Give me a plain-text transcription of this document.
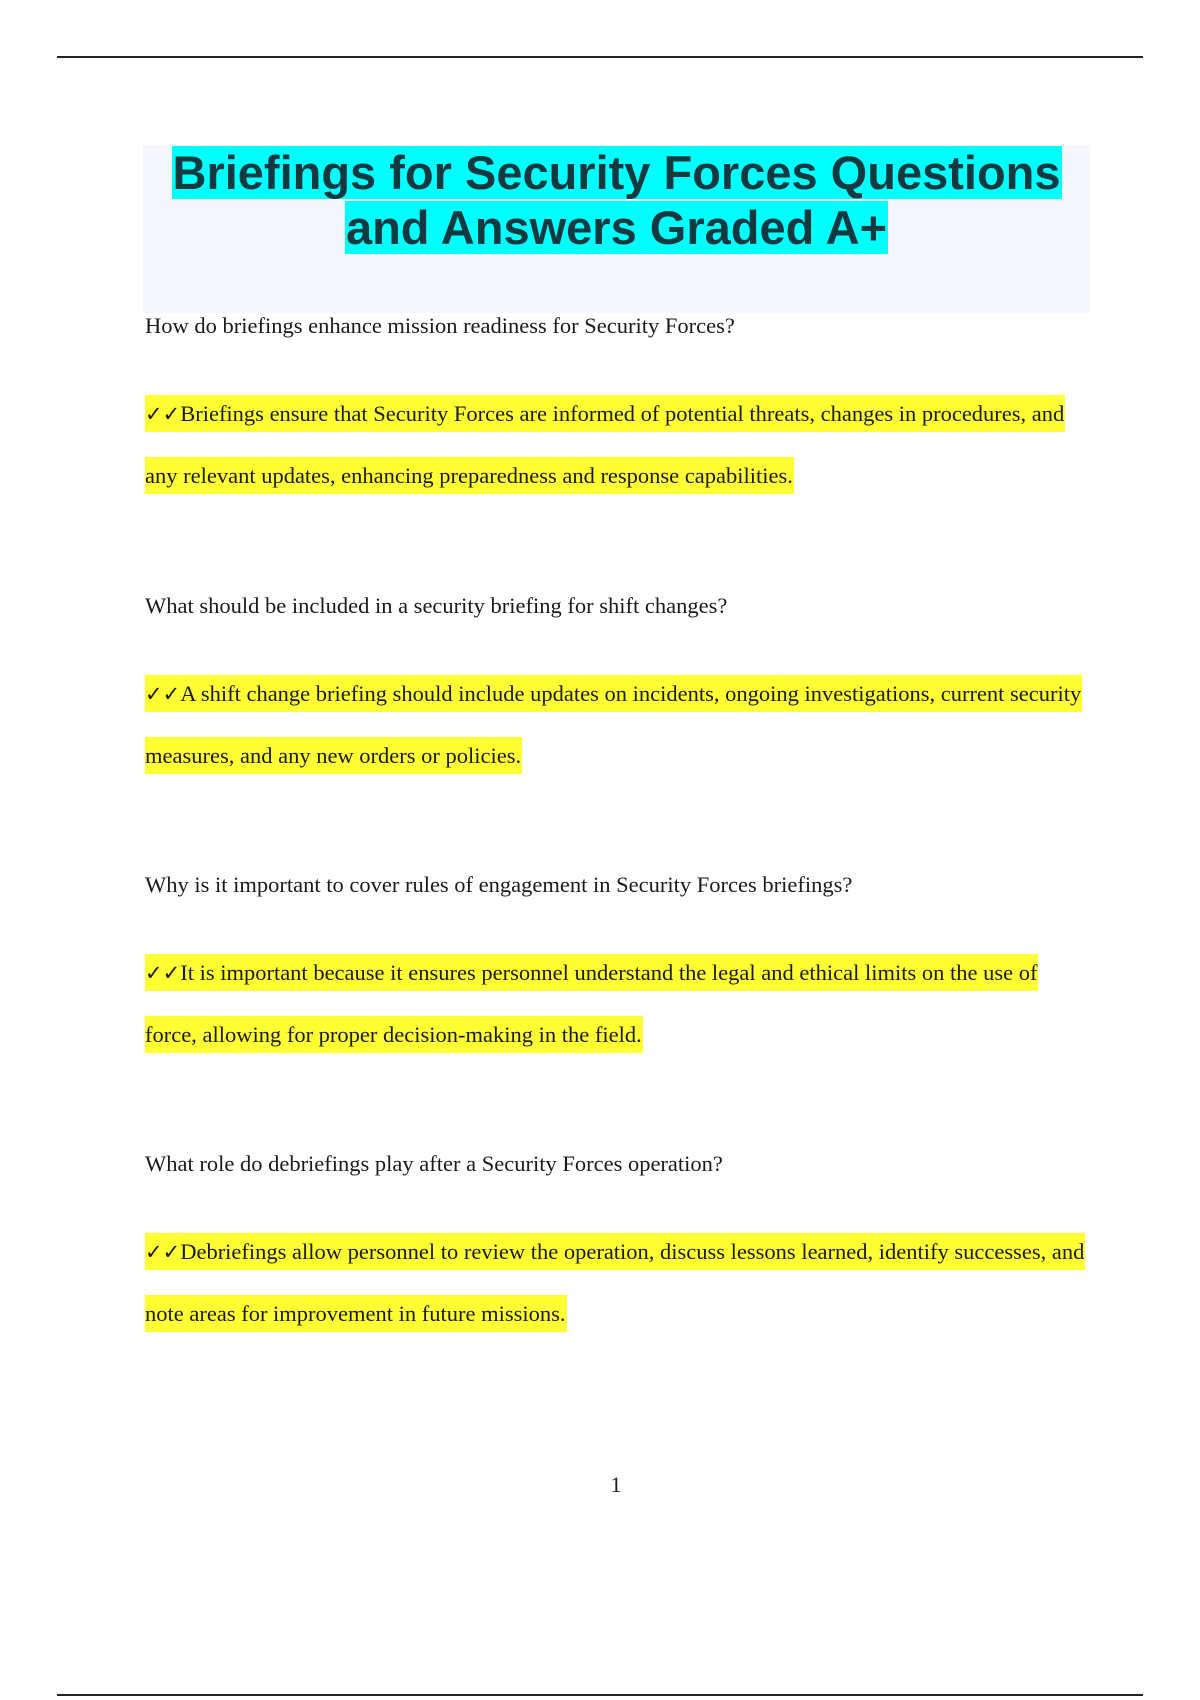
Briefings for Security Forces Questions
and Answers Graded A+

How do briefings enhance mission readiness for Security Forces?

✓✓Briefings ensure that Security Forces are informed of potential threats, changes in procedures, and any relevant updates, enhancing preparedness and response capabilities.

What should be included in a security briefing for shift changes?

✓✓A shift change briefing should include updates on incidents, ongoing investigations, current security measures, and any new orders or policies.

Why is it important to cover rules of engagement in Security Forces briefings?

✓✓It is important because it ensures personnel understand the legal and ethical limits on the use of force, allowing for proper decision-making in the field.

What role do debriefings play after a Security Forces operation?

✓✓Debriefings allow personnel to review the operation, discuss lessons learned, identify successes, and note areas for improvement in future missions.

1
